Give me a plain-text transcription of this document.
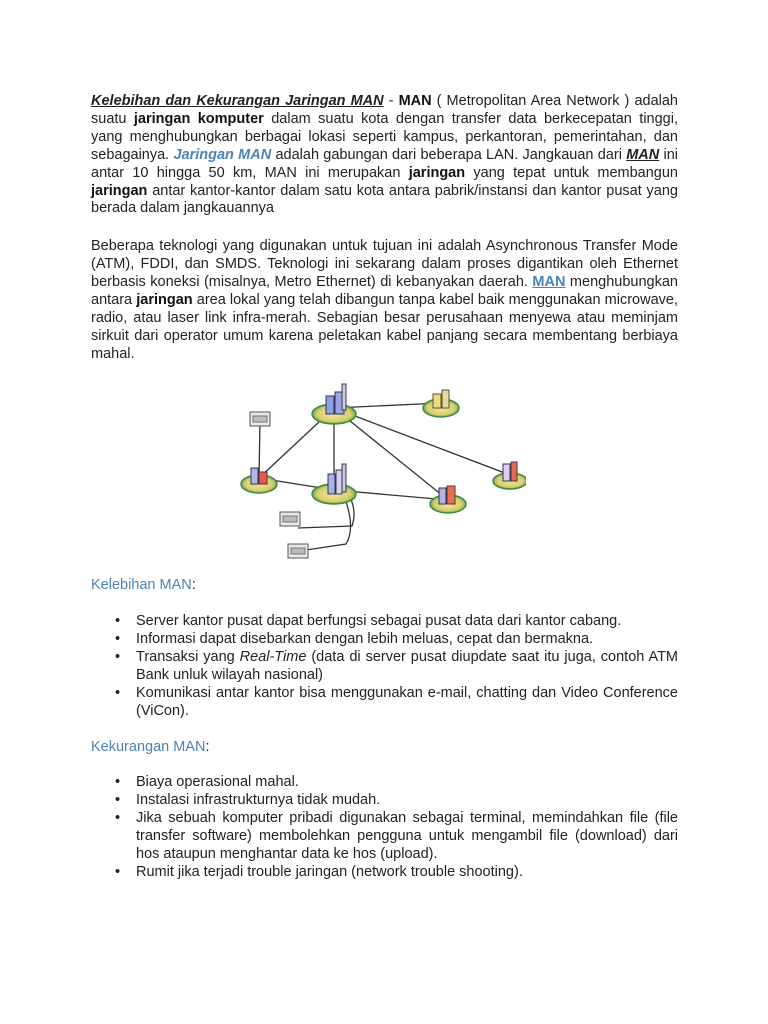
Kelebihan dan Kekurangan Jaringan MAN - MAN ( Metropolitan Area Network ) adalah suatu jaringan komputer dalam suatu kota dengan transfer data berkecepatan tinggi, yang menghubungkan berbagai lokasi seperti kampus, perkantoran, pemerintahan, dan sebagainya. Jaringan MAN adalah gabungan dari beberapa LAN. Jangkauan dari MAN ini antar 10 hingga 50 km, MAN ini merupakan jaringan yang tepat untuk membangun jaringan antar kantor-kantor dalam satu kota antara pabrik/instansi dan kantor pusat yang berada dalam jangkauannya

Beberapa teknologi yang digunakan untuk tujuan ini adalah Asynchronous Transfer Mode (ATM), FDDI, dan SMDS. Teknologi ini sekarang dalam proses digantikan oleh Ethernet berbasis koneksi (misalnya, Metro Ethernet) di kebanyakan daerah. MAN menghubungkan antara jaringan area lokal yang telah dibangun tanpa kabel baik menggunakan microwave, radio, atau laser link infra-merah. Sebagian besar perusahaan menyewa atau meminjam sirkuit dari operator umum karena peletakan kabel panjang secara membentang berbiaya mahal.

Kelebihan MAN:
• Server kantor pusat dapat berfungsi sebagai pusat data dari kantor cabang.
• Informasi dapat disebarkan dengan lebih meluas, cepat dan bermakna.
• Transaksi yang Real-Time (data di server pusat diupdate saat itu juga, contoh ATM Bank unluk wilayah nasional)
• Komunikasi antar kantor bisa menggunakan e-mail, chatting dan Video Conference (ViCon).
Kekurangan MAN:
• Biaya operasional mahal.
• Instalasi infrastrukturnya tidak mudah.
• Jika sebuah komputer pribadi digunakan sebagai terminal, memindahkan file (file transfer software) membolehkan pengguna untuk mengambil file (download) dari hos ataupun menghantar data ke hos (upload).
• Rumit jika terjadi trouble jaringan (network trouble shooting).
